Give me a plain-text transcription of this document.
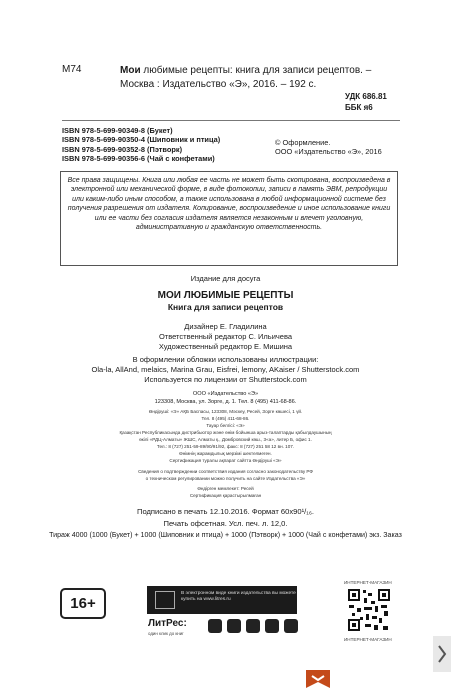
М74	Мои любимые рецепты: книга для записи рецептов. – Москва : Издательство «Э», 2016. – 192 с.
УДК 686.81
ББК я6
ISBN 978-5-699-90349-8 (Букет)
ISBN 978-5-699-90350-4 (Шиповник и птица)
ISBN 978-5-699-90352-8 (Пэтворк)
ISBN 978-5-699-90356-6 (Чай с конфетами)
© Оформление.
ООО «Издательство «Э», 2016
Все права защищены. Книга или любая ее часть не может быть скопирована, воспроизведена в электронной или механической форме, в виде фотокопии, записи в память ЭВМ, репродукции или каким-либо иным способом, а также использована в любой информационной системе без получения разрешения от издателя. Копирование, воспроизведение и иное использование книги или ее части без согласия издателя является незаконным и влечет уголовную, административную и гражданскую ответственность.
Издание для досуга
МОИ ЛЮБИМЫЕ РЕЦЕПТЫ
Книга для записи рецептов
Дизайнер Е. Гладилина
Ответственный редактор С. Ильичева
Художественный редактор Е. Мишина
В оформлении обложки использованы иллюстрации:
Ola-la, AllAnd, melaics, Marina Grau, Eisfrei, lemony, AKaiser / Shutterstock.com
Используется по лицензии от Shutterstock.com
ООО «Издательство «Э»
123308, Москва, ул. Зорге, д. 1. Тел. 8 (495) 411-68-86.
Өндіруші: «Э» АҚБ Баспасы, 123308, Мәскеу, Ресей, Зорге көшесі, 1 үй.
Тел. 8 (495) 411-68-86.
Тауар белгісі: «Э»
Қазақстан Республикасында дистрибьютор және өнім бойынша арыз-талаптарды қабылдаушының
өкілі «РДЦ-Алматы» ЖШС, Алматы қ., Домбровский көш., 3«а», литер Б, офис 1.
Тел.: 8 (727) 251-59-89/90/91/92, факс: 8 (727) 251 58 12 вн. 107.
Өнімнің жарамдылық мерзімі шектелмеген.
Сертификация туралы ақпарат сайтта Өндіруші «Э»
Сведения о подтверждении соответствия издания согласно законодательству РФ
о техническом регулировании можно получить на сайте Издательства «Э»
Өндірген мемлекет: Ресей
Сертификация қарастырылмаған
Подписано в печать 12.10.2016. Формат 60x90¹/₁₆.
Печать офсетная. Усл. печ. л. 12,0.
Тираж 4000 (1000 (Букет) + 1000 (Шиповник и птица) + 1000 (Пэтворк) + 1000 (Чай с конфетами) экз. Заказ
16+
В электронном виде книги издательства вы можете
купить на www.litres.ru
ЛитРес:
один клик до книг
ИНТЕРНЕТ-МАГАЗИН
ИНТЕРНЕТ-МАГАЗИН
